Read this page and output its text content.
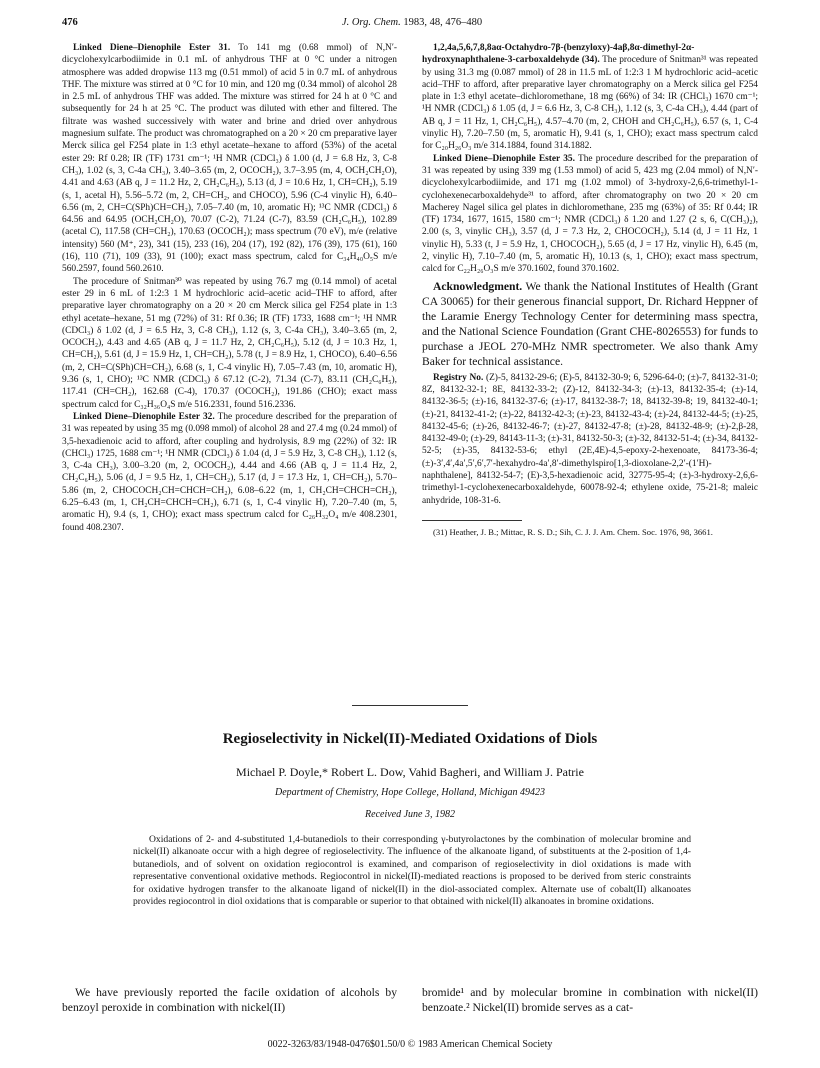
476	J. Org. Chem. 1983, 48, 476–480

Linked Diene–Dienophile Ester 31. To 141 mg (0.68 mmol) of N,N′-dicyclohexylcarbodiimide in 0.1 mL of anhydrous THF at 0 °C under a nitrogen atmosphere was added dropwise 113 mg (0.51 mmol) of acid 5 in 0.7 mL of anhydrous THF. The mixture was stirred at 0 °C for 10 min, and 120 mg (0.34 mmol) of alcohol 28 in 2.5 mL of anhydrous THF was added. The mixture was stirred for 24 h at 0 °C and subsequently for 24 h at 25 °C. The product was diluted with ether and filtered. The filtrate was washed successively with water and brine and dried over anhydrous magnesium sulfate. The product was chromatographed on a 20 × 20 cm preparative layer Merck silica gel F254 plate in 1:3 ethyl acetate–hexane to afford (53%) of the acetal ester 29: Rf 0.28; IR (TF) 1731 cm⁻¹; ¹H NMR (CDCl₃) δ 1.00 (d, J = 6.8 Hz, 3, C-8 CH₃), 1.02 (s, 3, C-4a CH₃), 3.40–3.65 (m, 2, OCOCH₂), 3.7–3.95 (m, 4, OCH₂CH₂O), 4.41 and 4.63 (AB q, J = 11.2 Hz, 2, CH₂C₆H₅), 5.13 (d, J = 10.6 Hz, 1, CH=CH₂), 5.19 (s, 1, acetal H), 5.56–5.72 (m, 2, CH=CH₂, and CHOCO), 5.96 (C-4 vinylic H), 6.40–6.56 (m, 2, CH=C(SPh)CH=CH₂), 7.05–7.40 (m, 10, aromatic H); ¹³C NMR (CDCl₃) δ 64.56 and 64.95 (OCH₂CH₂O), 70.07 (C-2), 71.24 (C-7), 83.59 (CH₂C₆H₅), 102.89 (acetal C), 117.58 (CH=CH₂), 170.63 (OCOCH₂); mass spectrum (70 eV), m/e (relative intensity) 560 (M⁺, 23), 341 (15), 233 (16), 204 (17), 192 (82), 176 (39), 175 (61), 160 (16), 110 (71), 109 (33), 91 (100); exact mass spectrum, calcd for C₃₄H₄₀O₅S m/e 560.2597, found 560.2610.

The procedure of Snitman³⁰ was repeated by using 76.7 mg (0.14 mmol) of acetal ester 29 in 6 mL of 1:2:3 1 M hydrochloric acid–acetic acid–THF to afford, after preparative layer chromatography on a 20 × 20 cm Merck silica gel F254 plate in 1:3 ethyl acetate–hexane, 51 mg (72%) of 31: Rf 0.36; IR (TF) 1733, 1688 cm⁻¹; ¹H NMR (CDCl₃) δ 1.02 (d, J = 6.5 Hz, 3, C-8 CH₃), 1.12 (s, 3, C-4a CH₃), 3.40–3.65 (m, 2, OCOCH₂), 4.43 and 4.65 (AB q, J = 11.7 Hz, 2, CH₂C₆H₅), 5.12 (d, J = 10.3 Hz, 1, CH=CH₂), 5.61 (d, J = 15.9 Hz, 1, CH=CH₂), 5.78 (t, J = 8.9 Hz, 1, CHOCO), 6.40–6.56 (m, 2, CH=C(SPh)CH=CH₂), 6.68 (s, 1, C-4 vinylic H), 7.05–7.43 (m, 10, aromatic H), 9.36 (s, 1, CHO); ¹³C NMR (CDCl₃) δ 67.12 (C-2), 71.34 (C-7), 83.11 (CH₂C₆H₅), 117.41 (CH=CH₂), 162.68 (C-4), 170.37 (OCOCH₂), 191.86 (CHO); exact mass spectrum calcd for C₃₂H₃₆O₄S m/e 516.2331, found 516.2336.

Linked Diene–Dienophile Ester 32. The procedure described for the preparation of 31 was repeated by using 35 mg (0.098 mmol) of alcohol 28 and 27.4 mg (0.24 mmol) of 3,5-hexadienoic acid to afford, after coupling and hydrolysis, 8.9 mg (22%) of 32: IR (CHCl₃) 1725, 1688 cm⁻¹; ¹H NMR (CDCl₃) δ 1.04 (d, J = 5.9 Hz, 3, C-8 CH₃), 1.12 (s, 3, C-4a CH₃), 3.00–3.20 (m, 2, OCOCH₂), 4.44 and 4.66 (AB q, J = 11.4 Hz, 2, CH₂C₆H₅), 5.06 (d, J = 9.5 Hz, 1, CH=CH₂), 5.17 (d, J = 17.3 Hz, 1, CH=CH₂), 5.70–5.86 (m, 2, CHOCOCH₂CH=CHCH=CH₂), 6.08–6.22 (m, 1, CH₂CH=CHCH=CH₂), 6.25–6.43 (m, 1, CH₂CH=CHCH=CH₂), 6.71 (s, 1, C-4 vinylic H), 7.20–7.40 (m, 5, aromatic H), 9.4 (s, 1, CHO); exact mass spectrum calcd for C₂₆H₃₂O₄ m/e 408.2301, found 408.2307.

1,2,4a,5,6,7,8,8aα-Octahydro-7β-(benzyloxy)-4aβ,8α-dimethyl-2α-hydroxynaphthalene-3-carboxaldehyde (34). The procedure of Snitman³¹ was repeated by using 31.3 mg (0.087 mmol) of 28 in 11.5 mL of 1:2:3 1 M hydrochloric acid–acetic acid–THF to afford, after preparative layer chromatography on a Merck silica gel F254 plate in 1:3 ethyl acetate–dichloromethane, 18 mg (66%) of 34: IR (CHCl₃) 1670 cm⁻¹; ¹H NMR (CDCl₃) δ 1.05 (d, J = 6.6 Hz, 3, C-8 CH₃), 1.12 (s, 3, C-4a CH₃), 4.44 (part of AB q, J = 11 Hz, 1, CH₂C₆H₅), 4.57–4.70 (m, 2, CHOH and CH₂C₆H₅), 6.57 (s, 1, C-4 vinylic H), 7.20–7.50 (m, 5, aromatic H), 9.41 (s, 1, CHO); exact mass spectrum calcd for C₂₀H₂₆O₃ m/e 314.1884, found 314.1882.

Linked Diene–Dienophile Ester 35. The procedure described for the preparation of 31 was repeated by using 339 mg (1.53 mmol) of acid 5, 423 mg (2.04 mmol) of N,N′-dicyclohexylcarbodiimide, and 171 mg (1.02 mmol) of 3-hydroxy-2,6,6-trimethyl-1-cyclohexenecarboxaldehyde³¹ to afford, after chromatography on two 20 × 20 cm Macherey Nagel silica gel plates in dichloromethane, 235 mg (63%) of 35: Rf 0.44; IR (TF) 1734, 1677, 1615, 1580 cm⁻¹; NMR (CDCl₃) δ 1.20 and 1.27 (2 s, 6, C(CH₃)₂), 2.00 (s, 3, vinylic CH₃), 3.57 (d, J = 7.3 Hz, 2, CHOCOCH₂), 5.14 (d, J = 11 Hz, 1 vinylic H), 5.33 (t, J = 5.9 Hz, 1, CHOCOCH₂), 5.65 (d, J = 17 Hz, vinylic H), 6.45 (m, 2, vinylic H), 7.10–7.40 (m, 5, aromatic H), 10.13 (s, 1, CHO); exact mass spectrum, calcd for C₂₂H₂₆O₃S m/e 370.1602, found 370.1602.

Acknowledgment. We thank the National Institutes of Health (Grant CA 30065) for their generous financial support, Dr. Richard Heppner of the Laramie Energy Technology Center for determining mass spectra, and the National Science Foundation (Grant CHE-8026553) for funds to purchase a JEOL 270-MHz NMR spectrometer. We also thank Amy Baker for technical assistance.

Registry No. (Z)-5, 84132-29-6; (E)-5, 84132-30-9; 6, 5296-64-0; (±)-7, 84132-31-0; 8Z, 84132-32-1; 8E, 84132-33-2; (Z)-12, 84132-34-3; (±)-13, 84132-35-4; (±)-14, 84132-36-5; (±)-16, 84132-37-6; (±)-17, 84132-38-7; 18, 84132-39-8; 19, 84132-40-1; (±)-21, 84132-41-2; (±)-22, 84132-42-3; (±)-23, 84132-43-4; (±)-24, 84132-44-5; (±)-25, 84132-45-6; (±)-26, 84132-46-7; (±)-27, 84132-47-8; (±)-28, 84132-48-9; (±)-2,β-28, 84132-49-0; (±)-29, 84143-11-3; (±)-31, 84132-50-3; (±)-32, 84132-51-4; (±)-34, 84132-52-5; (±)-35, 84132-53-6; ethyl (2E,4E)-4,5-epoxy-2-hexenoate, 84173-36-4; (±)-3′,4′,4a′,5′,6′,7′-hexahydro-4a′,8′-dimethylspiro[1,3-dioxolane-2,2′-(1′H)-naphthalene], 84132-54-7; (E)-3,5-hexadienoic acid, 32775-95-4; (±)-3-hydroxy-2,6,6-trimethyl-1-cyclohexenecarboxaldehyde, 60078-92-4; ethylene oxide, 75-21-8; maleic anhydride, 108-31-6.

(31) Heather, J. B.; Mittac, R. S. D.; Sih, C. J. J. Am. Chem. Soc. 1976, 98, 3661.

Regioselectivity in Nickel(II)-Mediated Oxidations of Diols
Michael P. Doyle,* Robert L. Dow, Vahid Bagheri, and William J. Patrie
Department of Chemistry, Hope College, Holland, Michigan 49423
Received June 3, 1982

Oxidations of 2- and 4-substituted 1,4-butanediols to their corresponding γ-butyrolactones by the combination of molecular bromine and nickel(II) alkanoate occur with a high degree of regioselectivity. The influence of the alkanoate ligand, of substituents at the 2-position of 1,4-butanediols, and of solvent on oxidation regiocontrol is examined, and comparison of regioselectivity in diol oxidations is made with representative conventional oxidative methods. Regiocontrol in nickel(II)-mediated reactions is proposed to be derived from steric constraints for oxidative hydrogen transfer to the alkanoate ligand of nickel(II) in the diol-associated complex. Alternate use of cobalt(II) alkanoates provides regiocontrol in diol oxidations that is comparable or superior to that obtained with nickel(II) alkanoates in bromine oxidations.

We have previously reported the facile oxidation of alcohols by benzoyl peroxide in combination with nickel(II)

bromide¹ and by molecular bromine in combination with nickel(II) benzoate.² Nickel(II) bromide serves as a cat-

0022-3263/83/1948-0476$01.50/0 © 1983 American Chemical Society
